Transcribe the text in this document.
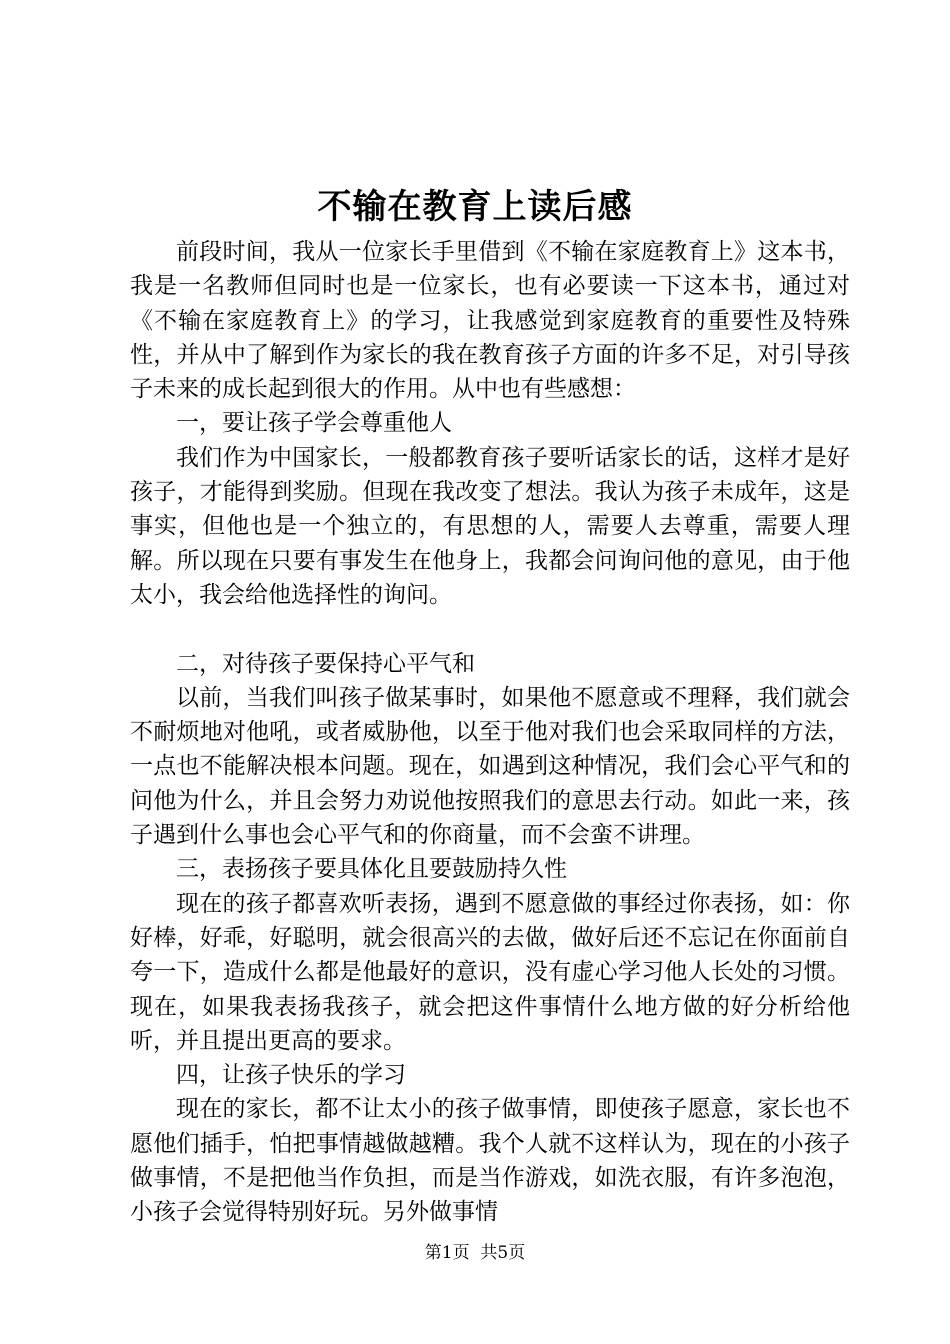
不输在教育上读后感

前段时间，我从一位家长手里借到《不输在家庭教育上》这本书，我是一名教师但同时也是一位家长，也有必要读一下这本书，通过对《不输在家庭教育上》的学习，让我感觉到家庭教育的重要性及特殊性，并从中了解到作为家长的我在教育孩子方面的许多不足，对引导孩子未来的成长起到很大的作用。从中也有些感想：

一，要让孩子学会尊重他人

我们作为中国家长，一般都教育孩子要听话家长的话，这样才是好孩子，才能得到奖励。但现在我改变了想法。我认为孩子未成年，这是事实，但他也是一个独立的，有思想的人，需要人去尊重，需要人理解。所以现在只要有事发生在他身上，我都会问询问他的意见，由于他太小，我会给他选择性的询问。

二，对待孩子要保持心平气和

以前，当我们叫孩子做某事时，如果他不愿意或不理释，我们就会不耐烦地对他吼，或者威胁他，以至于他对我们也会采取同样的方法，一点也不能解决根本问题。现在，如遇到这种情况，我们会心平气和的问他为什么，并且会努力劝说他按照我们的意思去行动。如此一来，孩子遇到什么事也会心平气和的你商量，而不会蛮不讲理。

三，表扬孩子要具体化且要鼓励持久性

现在的孩子都喜欢听表扬，遇到不愿意做的事经过你表扬，如：你好棒，好乖，好聪明，就会很高兴的去做，做好后还不忘记在你面前自夸一下，造成什么都是他最好的意识，没有虚心学习他人长处的习惯。现在，如果我表扬我孩子，就会把这件事情什么地方做的好分析给他听，并且提出更高的要求。

四，让孩子快乐的学习

现在的家长，都不让太小的孩子做事情，即使孩子愿意，家长也不愿他们插手，怕把事情越做越糟。我个人就不这样认为，现在的小孩子做事情，不是把他当作负担，而是当作游戏，如洗衣服，有许多泡泡，小孩子会觉得特别好玩。另外做事情

第1页  共5页
